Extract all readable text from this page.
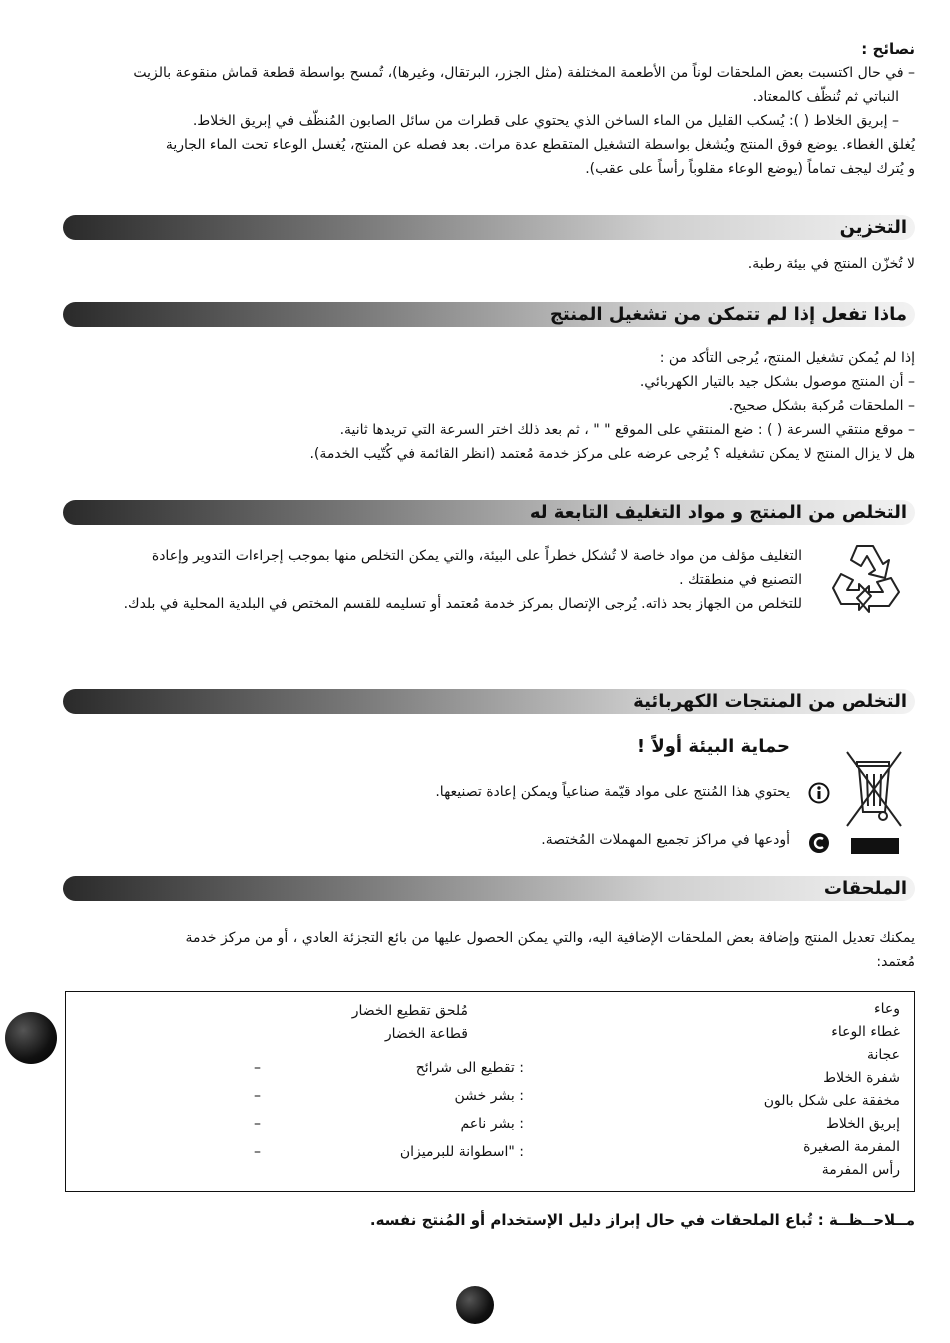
نصائح :

– في حال اكتسبت بعض الملحقات لوناً من الأطعمة المختلفة (مثل الجزر، البرتقال، وغيرها)، تُمسح بواسطة قطعة قماش منقوعة بالزيت
النباتي ثم تُنظّف كالمعتاد.
– إبريق الخلاط ( ): يُسكب القليل من الماء الساخن الذي يحتوي على قطرات من سائل الصابون المُنظّف في إبريق الخلاط.
يُغلق الغطاء. يوضع فوق المنتج ويُشغل بواسطة التشغيل المتقطع عدة مرات. بعد فصله عن المنتج، يُغسل الوعاء تحت الماء الجارية
و يُترك ليجف تماماً (يوضع الوعاء مقلوباً رأساً على عقب).
التخزين

لا تُخزّن المنتج في بيئة رطبة.

ماذا تفعل إذا لم تتمكن من تشغيل المنتج
إذا لم يُمكن تشغيل المنتج، يُرجى التأكد من :
– أن المنتج موصول بشكل جيد بالتيار الكهربائي.
– الملحقات مُركبة بشكل صحيح.
– موقع منتقي السرعة ( ) : ضع المنتقي على الموقع " " ، ثم بعد ذلك اختر السرعة التي تريدها ثانية.
هل لا يزال المنتج لا يمكن تشغيله ؟ يُرجى عرضه على مركز خدمة مُعتمد (انظر القائمة في كُتّيب الخدمة).
التخلص من المنتج و مواد التغليف التابعة له
التغليف مؤلف من مواد خاصة لا تُشكل خطراً على البيئة، والتي يمكن التخلص منها بموجب إجراءات التدوير وإعادة
التصنيع في منطقتك .
للتخلص من الجهاز بحد ذاته. يُرجى الإتصال بمركز خدمة مُعتمد أو تسليمه للقسم المختص في البلدية المحلية في بلدك.
التخلص من المنتجات الكهربائية

حماية البيئة أولاً !

يحتوي هذا المُنتج على مواد قيّمة صناعياً ويمكن إعادة تصنيعها.

أودعها في مراكز تجميع المهملات المُختصة.

الملحقات
يمكنك تعديل المنتج وإضافة بعض الملحقات الإضافية اليه، والتي يمكن الحصول عليها من بائع التجزئة العادي ، أو من مركز خدمة
مُعتمد:
وعاء
غطاء الوعاء
عجانة
شفرة الخلاط
مخفقة على شكل بالون
إبريق الخلاط
المفرمة الصغيرة
رأس المفرمة
مُلحق تقطيع الخضار
قطاعة الخضار
–	: تقطيع الى شرائح
–	: بشر خشن
–	: بشر ناعم
–	: "اسطوانة للبرميزان

مــلاحــظــة : تُباع الملحقات في حال إبراز دليل الإستخدام أو المُنتج نفسه.
